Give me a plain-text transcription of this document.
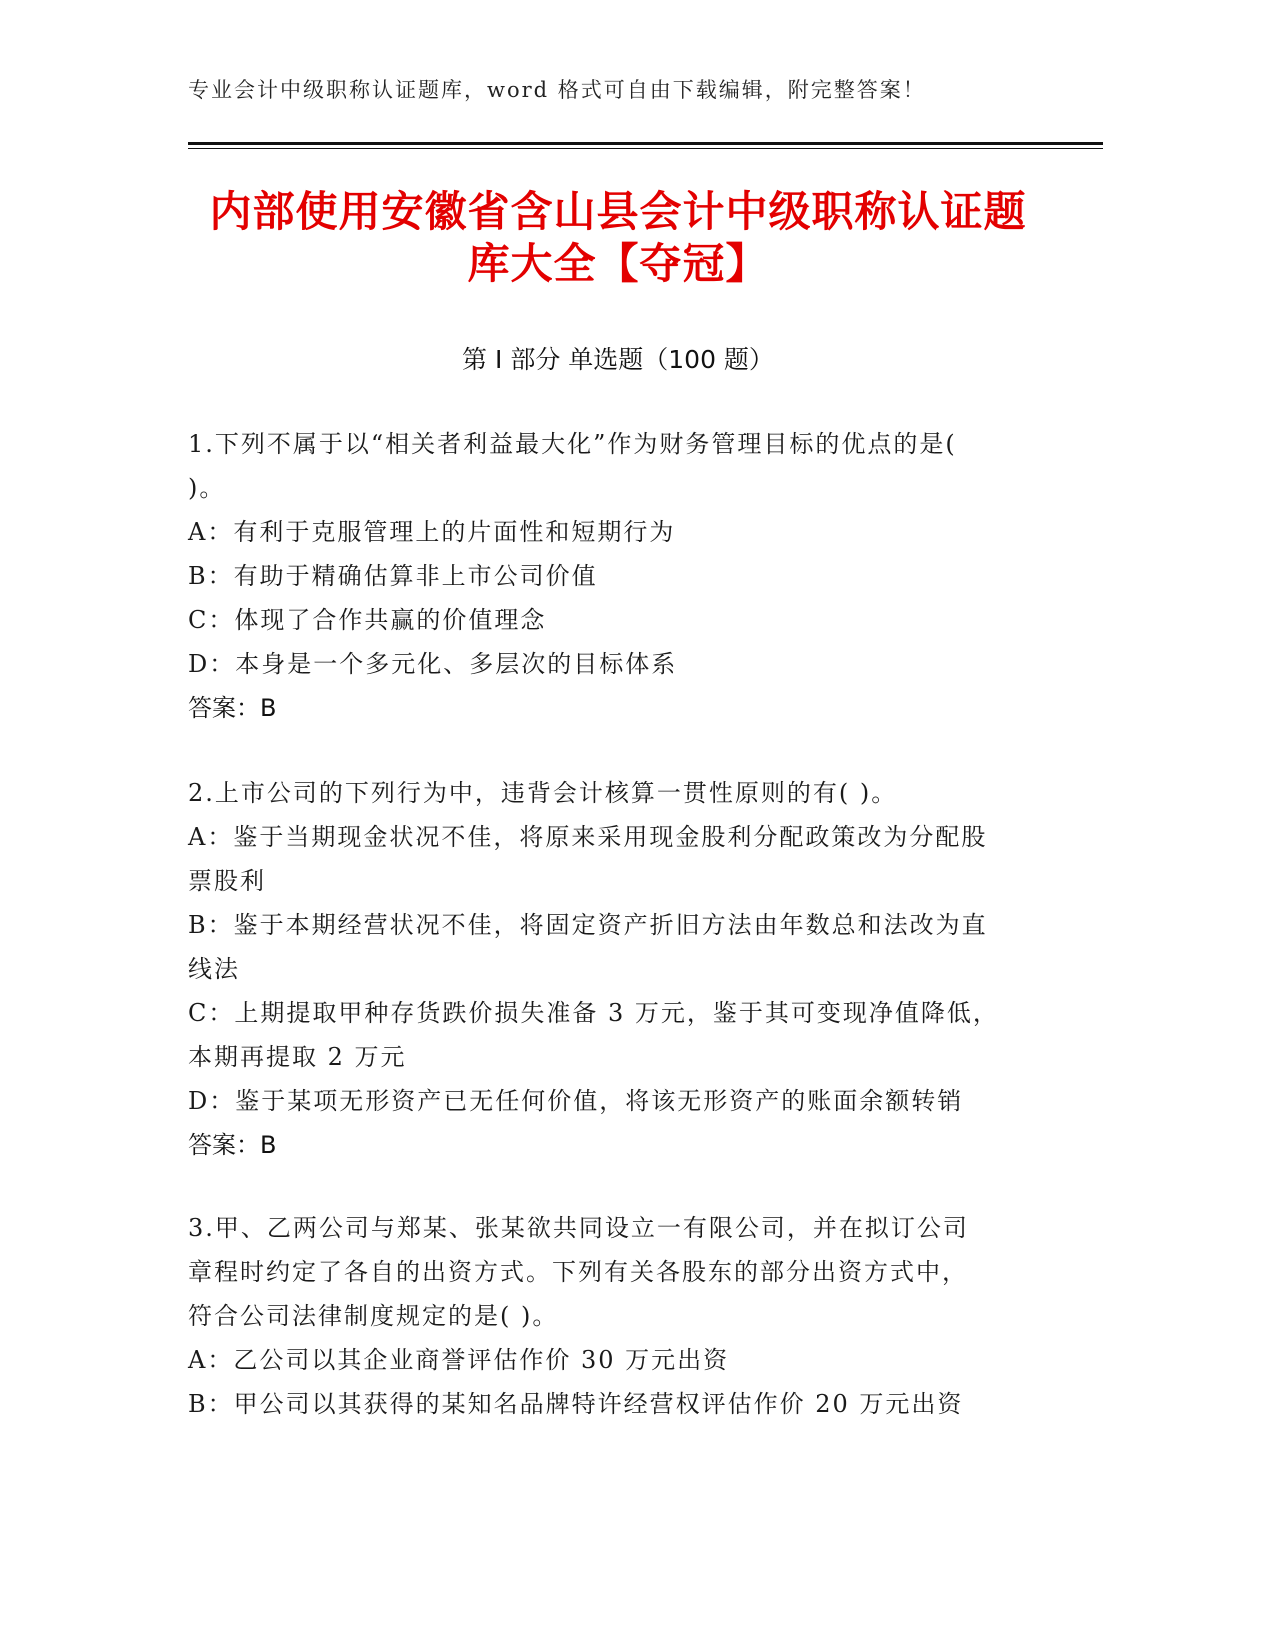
专业会计中级职称认证题库，word 格式可自由下载编辑，附完整答案！
内部使用安徽省含山县会计中级职称认证题
库大全【夺冠】
第 I 部分 单选题（100 题）
1.下列不属于以“相关者利益最大化”作为财务管理目标的优点的是(
)。
A：有利于克服管理上的片面性和短期行为
B：有助于精确估算非上市公司价值
C：体现了合作共赢的价值理念
D：本身是一个多元化、多层次的目标体系
答案：B
2.上市公司的下列行为中，违背会计核算一贯性原则的有( )。
A：鉴于当期现金状况不佳，将原来采用现金股利分配政策改为分配股
票股利
B：鉴于本期经营状况不佳，将固定资产折旧方法由年数总和法改为直
线法
C：上期提取甲种存货跌价损失准备 3 万元，鉴于其可变现净值降低，
本期再提取 2 万元
D：鉴于某项无形资产已无任何价值，将该无形资产的账面余额转销
答案：B
3.甲、乙两公司与郑某、张某欲共同设立一有限公司，并在拟订公司
章程时约定了各自的出资方式。下列有关各股东的部分出资方式中，
符合公司法律制度规定的是( )。
A：乙公司以其企业商誉评估作价 30 万元出资
B：甲公司以其获得的某知名品牌特许经营权评估作价 20 万元出资
